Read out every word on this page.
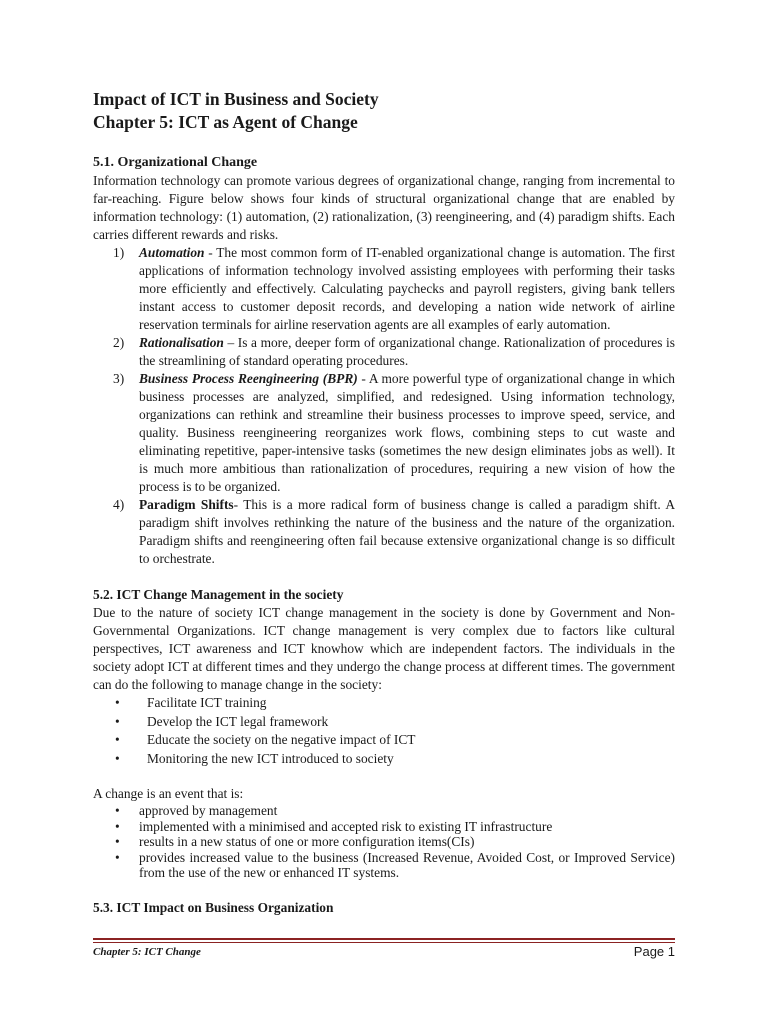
Impact of ICT in Business and Society
Chapter 5: ICT as Agent of Change
5.1. Organizational Change

Information technology can promote various degrees of organizational change, ranging from incremental to far-reaching. Figure below shows four kinds of structural organizational change that are enabled by information technology: (1) automation, (2) rationalization, (3) reengineering, and (4) paradigm shifts. Each carries different rewards and risks.

1) Automation - The most common form of IT-enabled organizational change is automation. The first applications of information technology involved assisting employees with performing their tasks more efficiently and effectively. Calculating paychecks and payroll registers, giving bank tellers instant access to customer deposit records, and developing a nation wide network of airline reservation terminals for airline reservation agents are all examples of early automation.
2) Rationalisation – Is a more, deeper form of organizational change. Rationalization of procedures is the streamlining of standard operating procedures.
3) Business Process Reengineering (BPR) - A more powerful type of organizational change in which business processes are analyzed, simplified, and redesigned. Using information technology, organizations can rethink and streamline their business processes to improve speed, service, and quality. Business reengineering reorganizes work flows, combining steps to cut waste and eliminating repetitive, paper-intensive tasks (sometimes the new design eliminates jobs as well). It is much more ambitious than rationalization of procedures, requiring a new vision of how the process is to be organized.
4) Paradigm Shifts- This is a more radical form of business change is called a paradigm shift. A paradigm shift involves rethinking the nature of the business and the nature of the organization. Paradigm shifts and reengineering often fail because extensive organizational change is so difficult to orchestrate.
5.2. ICT Change Management in the society

Due to the nature of society ICT change management in the society is done by Government and Non-Governmental Organizations. ICT change management is very complex due to factors like cultural perspectives, ICT awareness and ICT knowhow which are independent factors. The individuals in the society adopt ICT at different times and they undergo the change process at different times. The government can do the following to manage change in the society:

• Facilitate ICT training
• Develop the ICT legal framework
• Educate the society on the negative impact of ICT
• Monitoring the new ICT introduced to society

A change is an event that is:

• approved by management
• implemented with a minimised and accepted risk to existing IT infrastructure
• results in a new status of one or more configuration items(CIs)
• provides increased value to the business (Increased Revenue, Avoided Cost, or Improved Service) from the use of the new or enhanced IT systems.
5.3. ICT Impact on Business Organization
Chapter 5: ICT Change	Page 1
